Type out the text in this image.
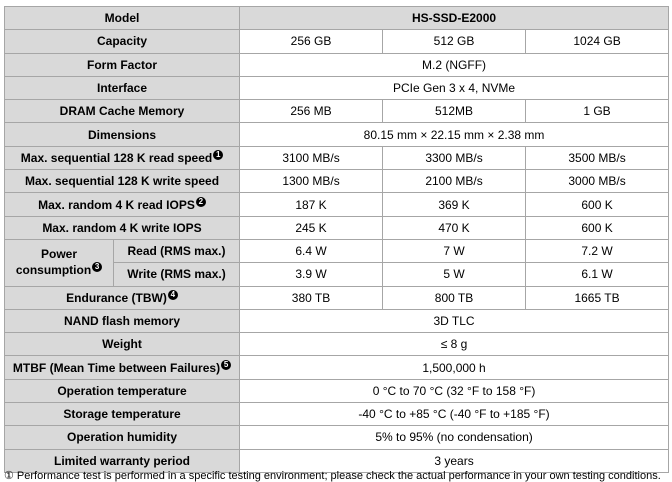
Model		HS-SSD-E2000		
Capacity		256 GB	512 GB	1024 GB
Form Factor		M.2 (NGFF)		
Interface		PCIe Gen 3 x 4, NVMe		
DRAM Cache Memory		256 MB	512MB	1 GB
Dimensions		80.15 mm × 22.15 mm × 2.38 mm		
Max. sequential 128 K read speed 1		3100 MB/s	3300 MB/s	3500 MB/s
Max. sequential 128 K write speed		1300 MB/s	2100 MB/s	3000 MB/s
Max. random 4 K read IOPS 2		187 K	369 K	600 K
Max. random 4 K write IOPS		245 K	470 K	600 K
Power
consumption 3	Read (RMS max.)	6.4 W	7 W	7.2 W
	Write (RMS max.)	3.9 W	5 W	6.1 W
Endurance (TBW) 4		380 TB	800 TB	1665 TB
NAND flash memory		3D TLC		
Weight		≤ 8 g		
MTBF (Mean Time between Failures) 5		1,500,000 h		
Operation temperature		0 °C to 70 °C (32 °F to 158 °F)		
Storage temperature		-40 °C to +85 °C (-40 °F to +185 °F)		
Operation humidity		5% to 95% (no condensation)		
Limited warranty period		3 years		
① Performance test is performed in a specific testing environment; please check the actual performance in your own testing conditions.
